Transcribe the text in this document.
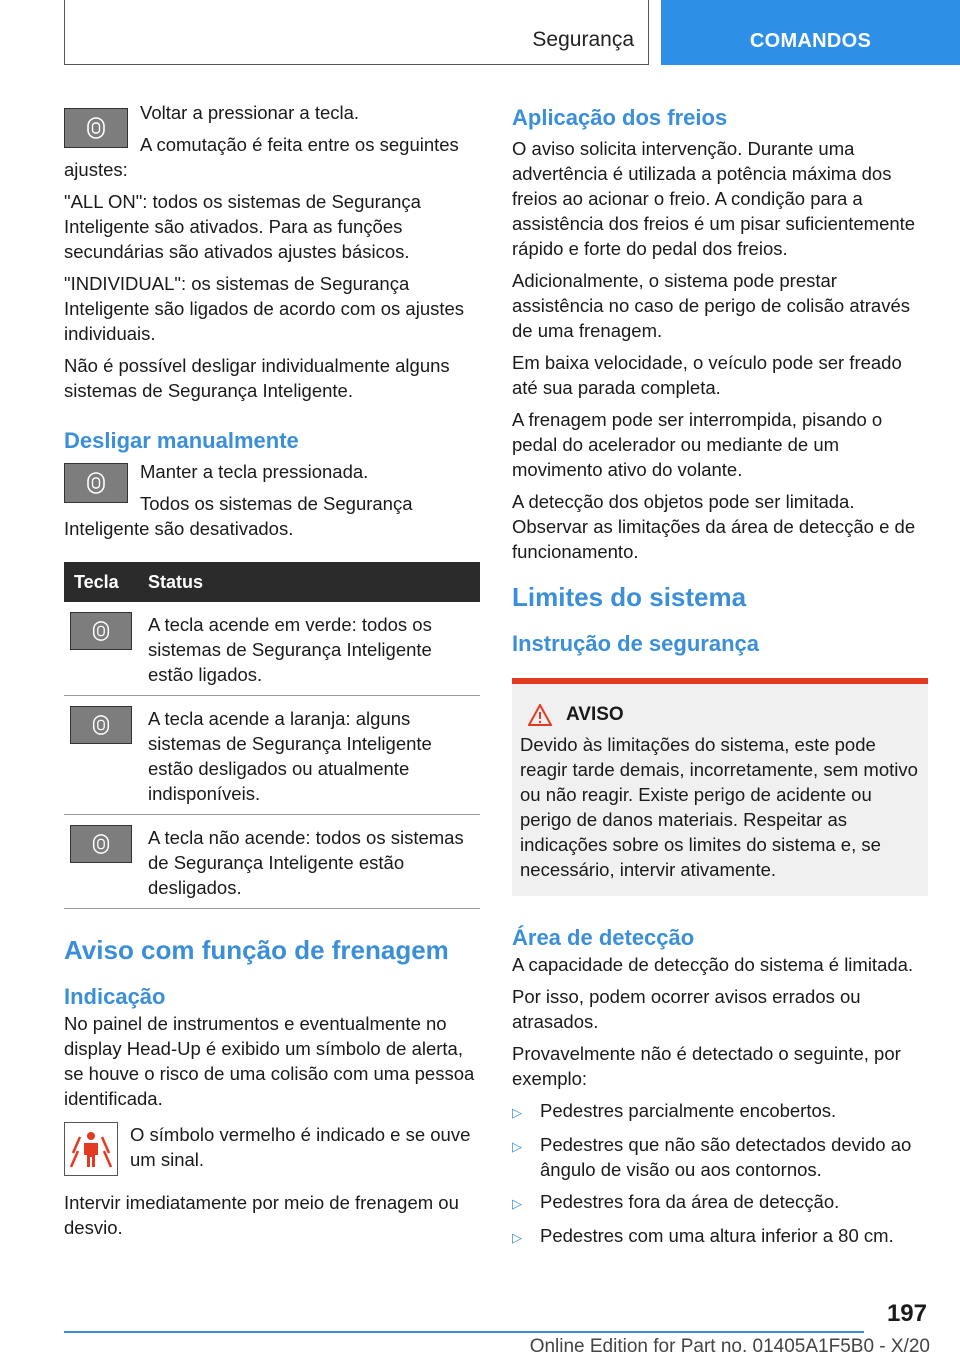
Segurança	COMANDOS

Voltar a pressionar a tecla.

A comutação é feita entre os seguintes ajustes:

"ALL ON": todos os sistemas de Segurança Inteligente são ativados. Para as funções secundárias são ativados ajustes básicos.

"INDIVIDUAL": os sistemas de Segurança Inteligente são ligados de acordo com os ajustes individuais.

Não é possível desligar individualmente alguns sistemas de Segurança Inteligente.

Desligar manualmente

Manter a tecla pressionada.

Todos os sistemas de Segurança Inteligente são desativados.

Tecla	Status
A tecla acende em verde: todos os sistemas de Segurança Inteligente estão ligados.
A tecla acende a laranja: alguns sistemas de Segurança Inteligente estão desligados ou atualmente indisponíveis.
A tecla não acende: todos os sistemas de Segurança Inteligente estão desligados.
Aviso com função de frenagem
Indicação

No painel de instrumentos e eventualmente no display Head-Up é exibido um símbolo de alerta, se houve o risco de uma colisão com uma pessoa identificada.

O símbolo vermelho é indicado e se ouve um sinal.

Intervir imediatamente por meio de frenagem ou desvio.

Aplicação dos freios

O aviso solicita intervenção. Durante uma advertência é utilizada a potência máxima dos freios ao acionar o freio. A condição para a assistência dos freios é um pisar suficientemente rápido e forte do pedal dos freios.

Adicionalmente, o sistema pode prestar assistência no caso de perigo de colisão através de uma frenagem.

Em baixa velocidade, o veículo pode ser freado até sua parada completa.

A frenagem pode ser interrompida, pisando o pedal do acelerador ou mediante de um movimento ativo do volante.

A detecção dos objetos pode ser limitada. Observar as limitações da área de detecção e de funcionamento.

Limites do sistema
Instrução de segurança
AVISO

Devido às limitações do sistema, este pode reagir tarde demais, incorretamente, sem motivo ou não reagir. Existe perigo de acidente ou perigo de danos materiais. Respeitar as indicações sobre os limites do sistema e, se necessário, intervir ativamente.

Área de detecção

A capacidade de detecção do sistema é limitada.

Por isso, podem ocorrer avisos errados ou atrasados.

Provavelmente não é detectado o seguinte, por exemplo:

▷ Pedestres parcialmente encobertos.
▷ Pedestres que não são detectados devido ao ângulo de visão ou aos contornos.
▷ Pedestres fora da área de detecção.
▷ Pedestres com uma altura inferior a 80 cm.
197
Online Edition for Part no. 01405A1F5B0 - X/20
